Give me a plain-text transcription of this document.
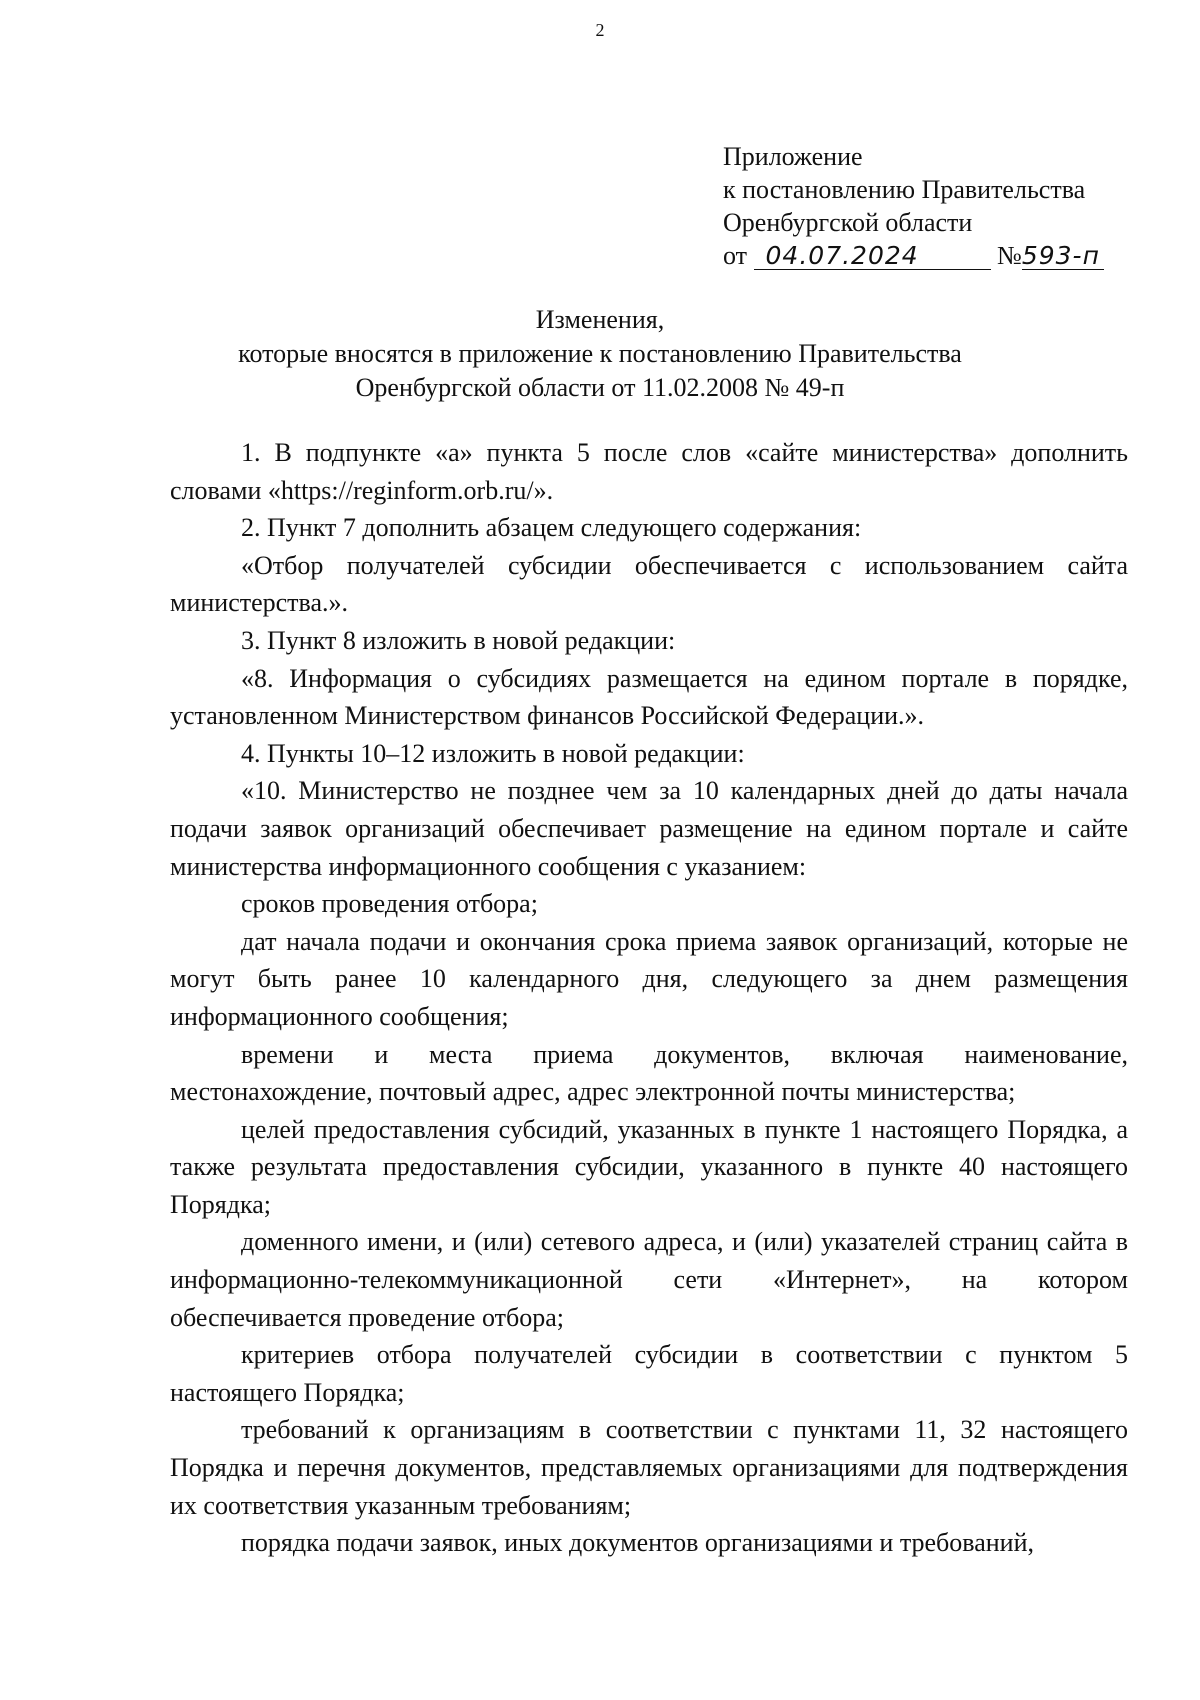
2
Приложение
к постановлению Правительства
Оренбургской области
от 04.07.2024	№593-п
Изменения,
которые вносятся в приложение к постановлению Правительства
Оренбургской области от 11.02.2008 № 49-п

1. В подпункте «а» пункта 5 после слов «сайте министерства» дополнить словами «https://reginform.orb.ru/».

2. Пункт 7 дополнить абзацем следующего содержания:

«Отбор получателей субсидии обеспечивается с использованием сайта министерства.».

3. Пункт 8 изложить в новой редакции:

«8. Информация о субсидиях размещается на едином портале в порядке, установленном Министерством финансов Российской Федерации.».

4. Пункты 10–12 изложить в новой редакции:

«10. Министерство не позднее чем за 10 календарных дней до даты начала подачи заявок организаций обеспечивает размещение на едином портале и сайте министерства информационного сообщения с указанием:

сроков проведения отбора;

дат начала подачи и окончания срока приема заявок организаций, которые не могут быть ранее 10 календарного дня, следующего за днем размещения информационного сообщения;

времени и места приема документов, включая наименование, местонахождение, почтовый адрес, адрес электронной почты министерства;

целей предоставления субсидий, указанных в пункте 1 настоящего Порядка, а также результата предоставления субсидии, указанного в пункте 40 настоящего Порядка;

доменного имени, и (или) сетевого адреса, и (или) указателей страниц сайта в информационно-телекоммуникационной сети «Интернет», на котором обеспечивается проведение отбора;

критериев отбора получателей субсидии в соответствии с пунктом 5 настоящего Порядка;

требований к организациям в соответствии с пунктами 11, 32 настоящего Порядка и перечня документов, представляемых организациями для подтверждения их соответствия указанным требованиям;

порядка подачи заявок, иных документов организациями и требований,
